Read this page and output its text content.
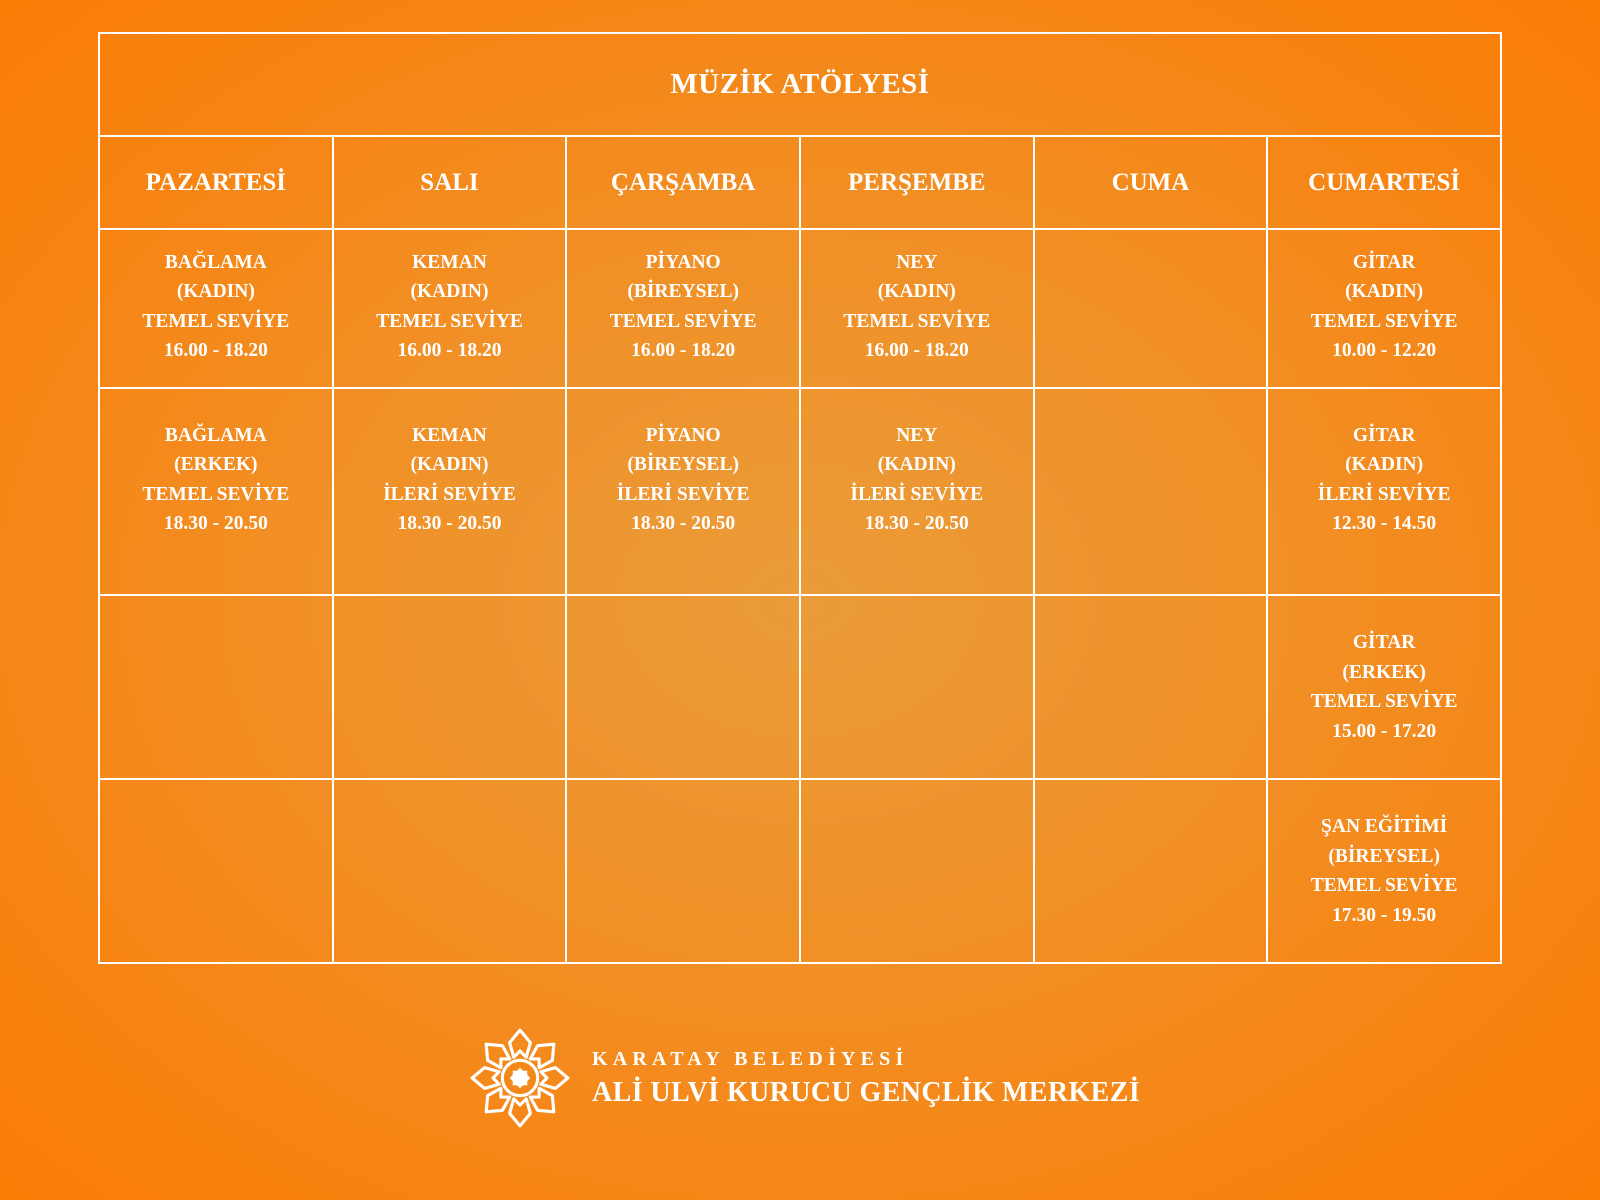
MÜZİK ATÖLYESİ					
PAZARTESİ	SALI	ÇARŞAMBA	PERŞEMBE	CUMA	CUMARTESİ

BAĞLAMA
(KADIN)
TEMEL SEVİYE
16.00 - 18.20	KEMAN
(KADIN)
TEMEL SEVİYE
16.00 - 18.20	PİYANO
(BİREYSEL)
TEMEL SEVİYE
16.00 - 18.20	NEY
(KADIN)
TEMEL SEVİYE
16.00 - 18.20		GİTAR
(KADIN)
TEMEL SEVİYE
10.00 - 12.20

BAĞLAMA
(ERKEK)
TEMEL SEVİYE
18.30 - 20.50	KEMAN
(KADIN)
İLERİ SEVİYE
18.30 - 20.50	PİYANO
(BİREYSEL)
İLERİ SEVİYE
18.30 - 20.50	NEY
(KADIN)
İLERİ SEVİYE
18.30 - 20.50		GİTAR
(KADIN)
İLERİ SEVİYE
12.30 - 14.50

					GİTAR
(ERKEK)
TEMEL SEVİYE
15.00 - 17.20

					ŞAN EĞİTİMİ
(BİREYSEL)
TEMEL SEVİYE
17.30 - 19.50
KARATAY BELEDİYESİ
ALİ ULVİ KURUCU GENÇLİK MERKEZİ
